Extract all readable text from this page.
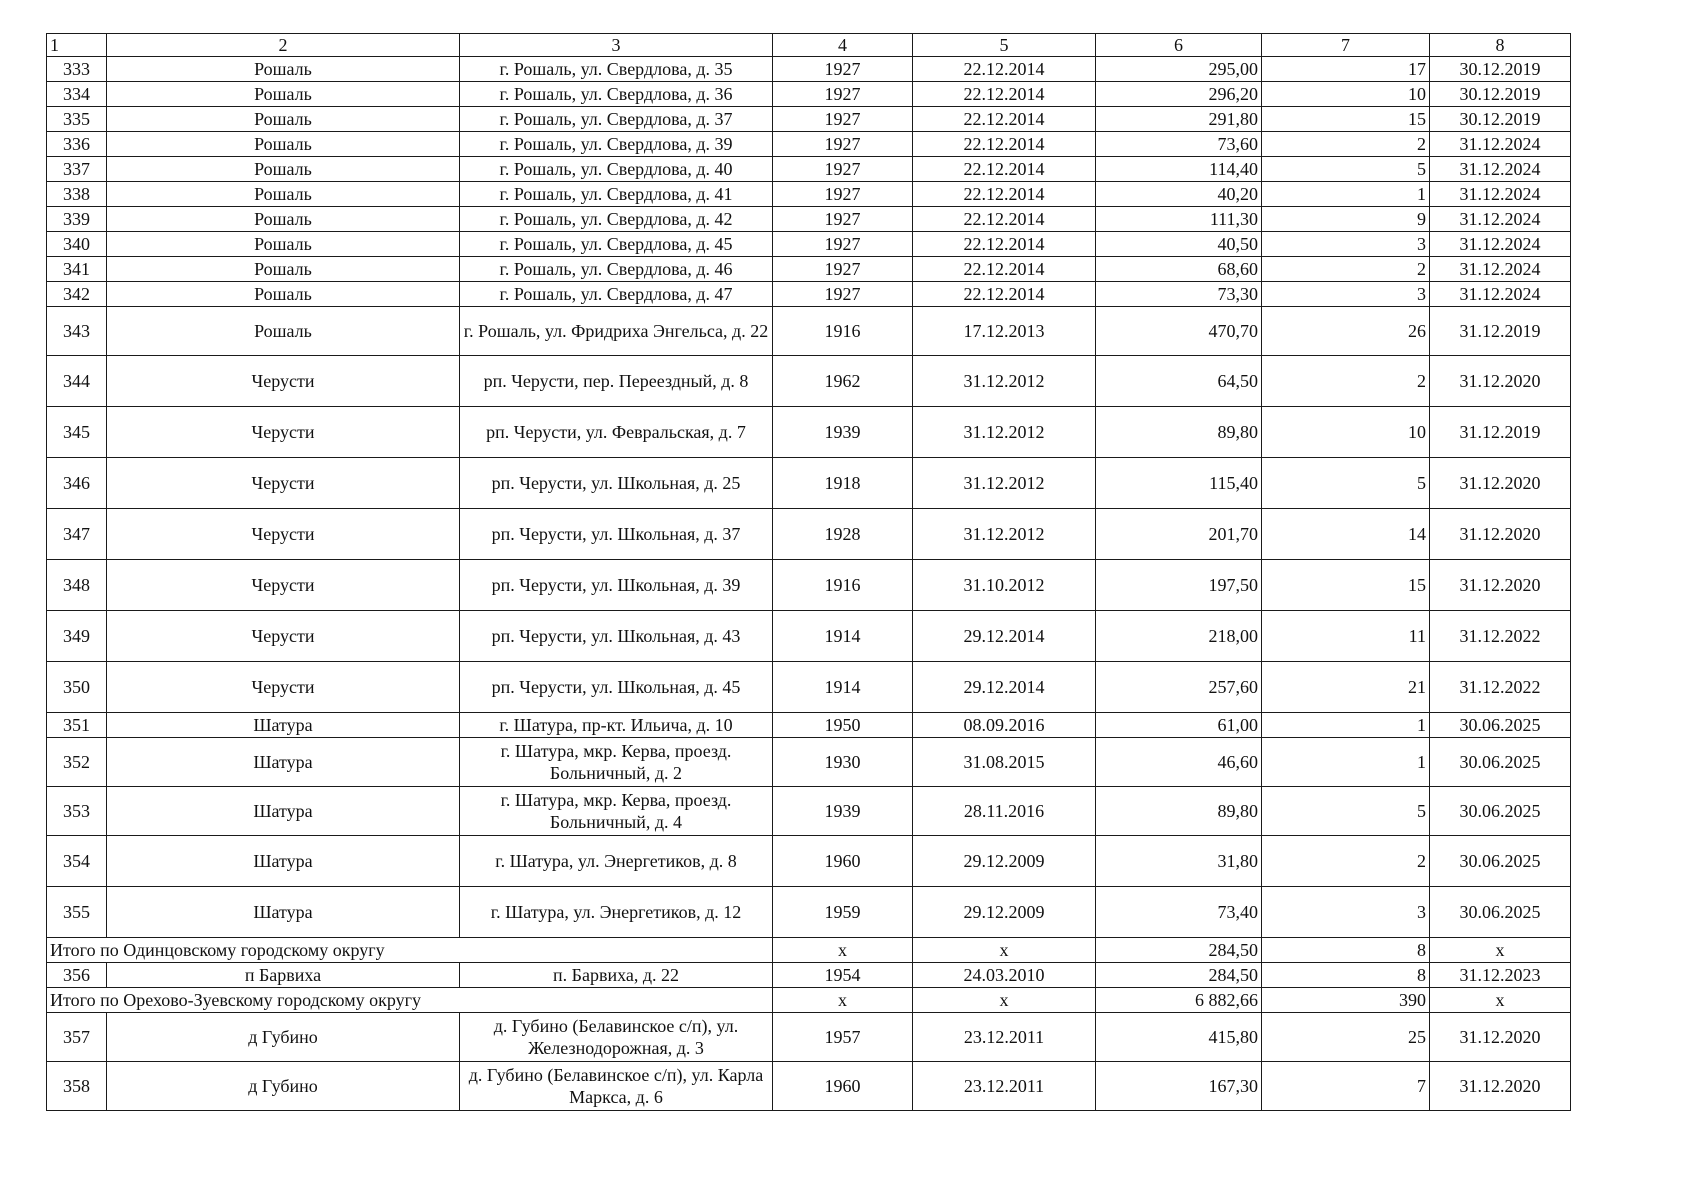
1	2	3	4	5	6	7	8
333	Рошаль	г. Рошаль, ул. Свердлова, д. 35	1927	22.12.2014	295,00	17	30.12.2019
334	Рошаль	г. Рошаль, ул. Свердлова, д. 36	1927	22.12.2014	296,20	10	30.12.2019
335	Рошаль	г. Рошаль, ул. Свердлова, д. 37	1927	22.12.2014	291,80	15	30.12.2019
336	Рошаль	г. Рошаль, ул. Свердлова, д. 39	1927	22.12.2014	73,60	2	31.12.2024
337	Рошаль	г. Рошаль, ул. Свердлова, д. 40	1927	22.12.2014	114,40	5	31.12.2024
338	Рошаль	г. Рошаль, ул. Свердлова, д. 41	1927	22.12.2014	40,20	1	31.12.2024
339	Рошаль	г. Рошаль, ул. Свердлова, д. 42	1927	22.12.2014	111,30	9	31.12.2024
340	Рошаль	г. Рошаль, ул. Свердлова, д. 45	1927	22.12.2014	40,50	3	31.12.2024
341	Рошаль	г. Рошаль, ул. Свердлова, д. 46	1927	22.12.2014	68,60	2	31.12.2024
342	Рошаль	г. Рошаль, ул. Свердлова, д. 47	1927	22.12.2014	73,30	3	31.12.2024
343	Рошаль	г. Рошаль, ул. Фридриха Энгельса, д. 22	1916	17.12.2013	470,70	26	31.12.2019
344	Черусти	рп. Черусти, пер. Переездный, д. 8	1962	31.12.2012	64,50	2	31.12.2020
345	Черусти	рп. Черусти, ул. Февральская, д. 7	1939	31.12.2012	89,80	10	31.12.2019
346	Черусти	рп. Черусти, ул. Школьная, д. 25	1918	31.12.2012	115,40	5	31.12.2020
347	Черусти	рп. Черусти, ул. Школьная, д. 37	1928	31.12.2012	201,70	14	31.12.2020
348	Черусти	рп. Черусти, ул. Школьная, д. 39	1916	31.10.2012	197,50	15	31.12.2020
349	Черусти	рп. Черусти, ул. Школьная, д. 43	1914	29.12.2014	218,00	11	31.12.2022
350	Черусти	рп. Черусти, ул. Школьная, д. 45	1914	29.12.2014	257,60	21	31.12.2022
351	Шатура	г. Шатура, пр-кт. Ильича, д. 10	1950	08.09.2016	61,00	1	30.06.2025
352	Шатура	г. Шатура, мкр. Керва, проезд. Больничный, д. 2	1930	31.08.2015	46,60	1	30.06.2025
353	Шатура	г. Шатура, мкр. Керва, проезд. Больничный, д. 4	1939	28.11.2016	89,80	5	30.06.2025
354	Шатура	г. Шатура, ул. Энергетиков, д. 8	1960	29.12.2009	31,80	2	30.06.2025
355	Шатура	г. Шатура, ул. Энергетиков, д. 12	1959	29.12.2009	73,40	3	30.06.2025
Итого по Одинцовскому городскому округу			х	х	284,50	8	х
356	п Барвиха	п. Барвиха, д. 22	1954	24.03.2010	284,50	8	31.12.2023
Итого по Орехово-Зуевскому городскому округу			х	х	6 882,66	390	х
357	д Губино	д. Губино (Белавинское с/п), ул. Железнодорожная, д. 3	1957	23.12.2011	415,80	25	31.12.2020
358	д Губино	д. Губино (Белавинское с/п), ул. Карла Маркса, д. 6	1960	23.12.2011	167,30	7	31.12.2020
